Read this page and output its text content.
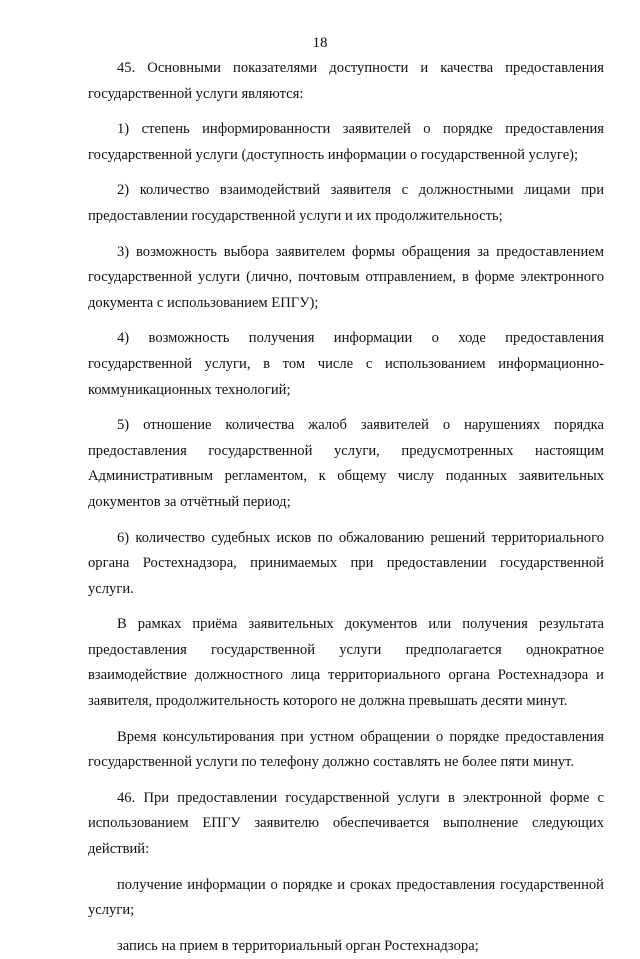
18

45. Основными показателями доступности и качества предоставления государственной услуги являются:

1) степень информированности заявителей о порядке предоставления государственной услуги (доступность информации о государственной услуге);

2) количество взаимодействий заявителя с должностными лицами при предоставлении государственной услуги и их продолжительность;

3) возможность выбора заявителем формы обращения за предоставлением государственной услуги (лично, почтовым отправлением, в форме электронного документа с использованием ЕПГУ);

4) возможность получения информации о ходе предоставления государственной услуги, в том числе с использованием информационно-коммуникационных технологий;

5) отношение количества жалоб заявителей о нарушениях порядка предоставления государственной услуги, предусмотренных настоящим Административным регламентом, к общему числу поданных заявительных документов за отчётный период;

6) количество судебных исков по обжалованию решений территориального органа Ростехнадзора, принимаемых при предоставлении государственной услуги.

В рамках приёма заявительных документов или получения результата предоставления государственной услуги предполагается однократное взаимодействие должностного лица территориального органа Ростехнадзора и заявителя, продолжительность которого не должна превышать десяти минут.

Время консультирования при устном обращении о порядке предоставления государственной услуги по телефону должно составлять не более пяти минут.

46. При предоставлении государственной услуги в электронной форме с использованием ЕПГУ заявителю обеспечивается выполнение следующих действий:

получение информации о порядке и сроках предоставления государственной услуги;

запись на прием в территориальный орган Ростехнадзора;
